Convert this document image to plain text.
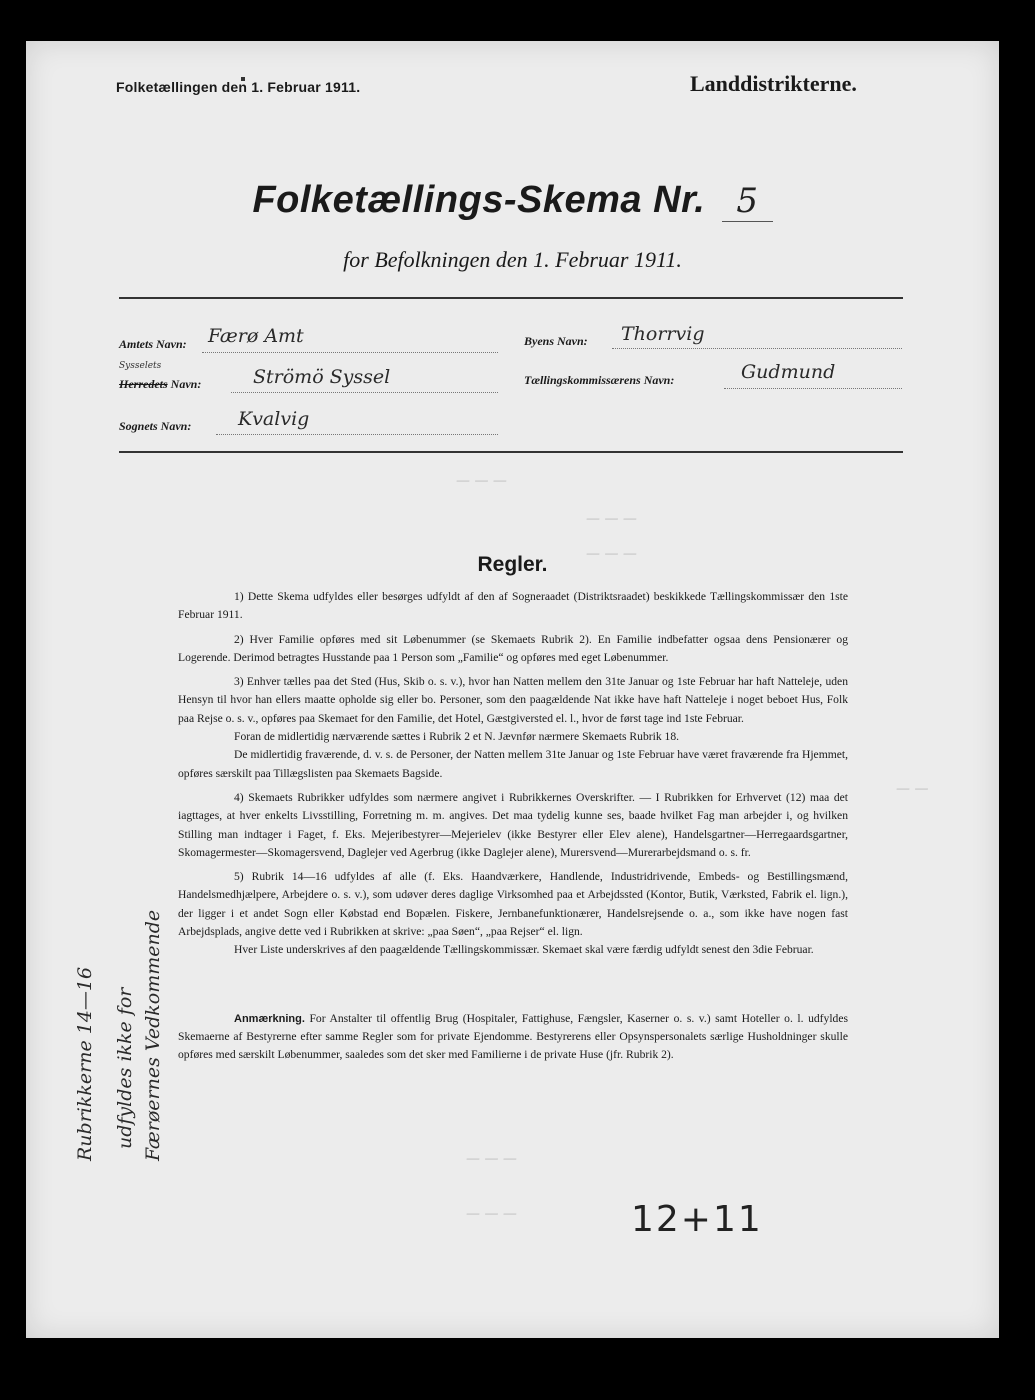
Folketællingen den 1. Februar 1911.	Landdistrikterne.
Folketællings-Skema Nr. 5
for Befolkningen den 1. Februar 1911.
Amtets Navn: Færø Amt
Sysselets
Herredets Navn:	Strömö Syssel
Sognets Navn: Kvalvig
Byens Navn: Thorrvig
Tællingskommissærens Navn:	Gudmund
— — —
— — —
— — —
— —
— — —
— — —
Regler.

1) Dette Skema udfyldes eller besørges udfyldt af den af Sogneraadet (Distriktsraadet) beskikkede Tællingskommissær den 1ste Februar 1911.

2) Hver Familie opføres med sit Løbenummer (se Skemaets Rubrik 2). En Familie indbefatter ogsaa dens Pensionærer og Logerende. Derimod betragtes Husstande paa 1 Person som „Familie“ og opføres med eget Løbenummer.

3) Enhver tælles paa det Sted (Hus, Skib o. s. v.), hvor han Natten mellem den 31te Januar og 1ste Februar har haft Natteleje, uden Hensyn til hvor han ellers maatte opholde sig eller bo. Personer, som den paagældende Nat ikke have haft Natteleje i noget beboet Hus, Folk paa Rejse o. s. v., opføres paa Skemaet for den Familie, det Hotel, Gæstgiversted el. l., hvor de først tage ind 1ste Februar.

Foran de midlertidig nærværende sættes i Rubrik 2 et N. Jævnfør nærmere Skemaets Rubrik 18.

De midlertidig fraværende, d. v. s. de Personer, der Natten mellem 31te Januar og 1ste Februar have været fraværende fra Hjemmet, opføres særskilt paa Tillægslisten paa Skemaets Bagside.

4) Skemaets Rubrikker udfyldes som nærmere angivet i Rubrikkernes Overskrifter. — I Rubrikken for Erhvervet (12) maa det iagttages, at hver enkelts Livsstilling, Forretning m. m. angives. Det maa tydelig kunne ses, baade hvilket Fag man arbejder i, og hvilken Stilling man indtager i Faget, f. Eks. Mejeribestyrer—Mejerielev (ikke Bestyrer eller Elev alene), Handelsgartner—Herregaardsgartner, Skomagermester—Skomagersvend, Daglejer ved Agerbrug (ikke Daglejer alene), Murersvend—Murerarbejdsmand o. s. fr.

5) Rubrik 14—16 udfyldes af alle (f. Eks. Haandværkere, Handlende, Industridrivende, Embeds- og Bestillingsmænd, Handelsmedhjælpere, Arbejdere o. s. v.), som udøver deres daglige Virksomhed paa et Arbejdssted (Kontor, Butik, Værksted, Fabrik el. lign.), der ligger i et andet Sogn eller Købstad end Bopælen. Fiskere, Jernbanefunktionærer, Handelsrejsende o. a., som ikke have nogen fast Arbejdsplads, angive dette ved i Rubrikken at skrive: „paa Søen“, „paa Rejser“ el. lign.

Hver Liste underskrives af den paagældende Tællingskommissær. Skemaet skal være færdig udfyldt senest den 3die Februar.

Anmærkning. For Anstalter til offentlig Brug (Hospitaler, Fattighuse, Fængsler, Kaserner o. s. v.) samt Hoteller o. l. udfyldes Skemaerne af Bestyrerne efter samme Regler som for private Ejendomme. Bestyrerens eller Opsynspersonalets særlige Husholdninger skulle opføres med særskilt Løbenummer, saaledes som det sker med Familierne i de private Huse (jfr. Rubrik 2).

Rubrikkerne 14—16 udfyldes ikke for Færøernes Vedkommende
12+11
